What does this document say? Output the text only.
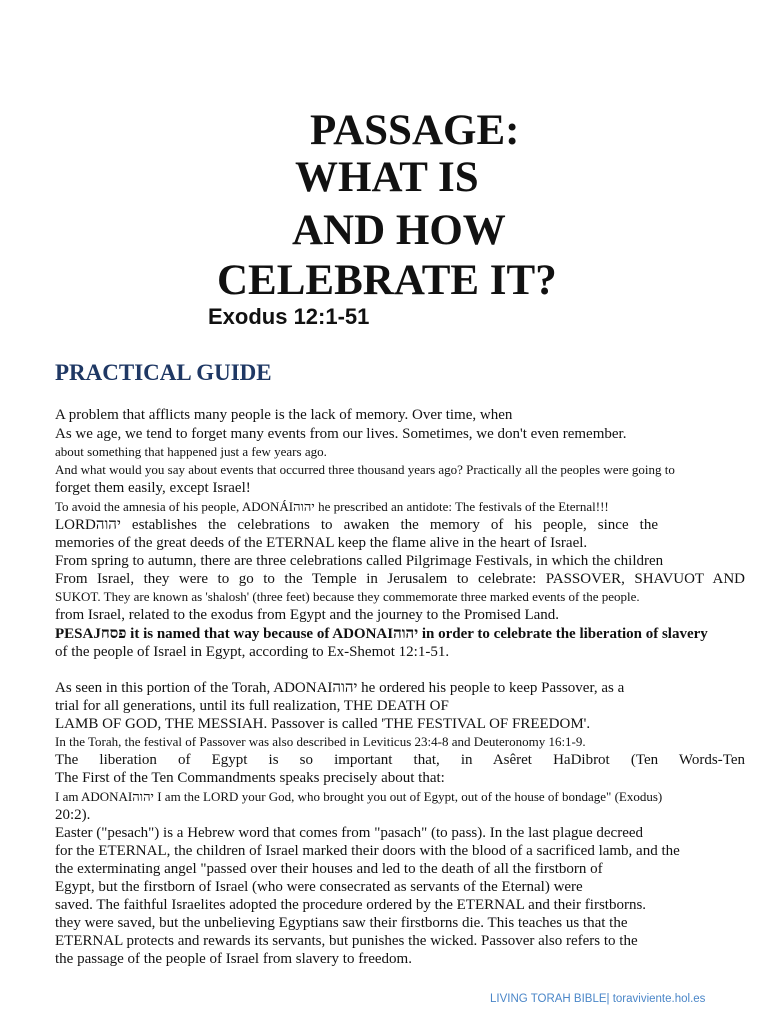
PASSAGE:
WHAT IS
AND HOW
CELEBRATE IT?
Exodus 12:1-51
PRACTICAL GUIDE
A problem that afflicts many people is the lack of memory. Over time, when
As we age, we tend to forget many events from our lives. Sometimes, we don't even remember.
about something that happened just a few years ago.
And what would you say about events that occurred three thousand years ago? Practically all the peoples were going to
forget them easily, except Israel!
To avoid the amnesia of his people, ADONÁIיהוה he prescribed an antidote: The festivals of the Eternal!!!
LORDיהוה establishes the celebrations to awaken the memory of his people, since the
memories of the great deeds of the ETERNAL keep the flame alive in the heart of Israel.
From spring to autumn, there are three celebrations called Pilgrimage Festivals, in which the children
From Israel, they were to go to the Temple in Jerusalem to celebrate: PASSOVER, SHAVUOT AND
SUKOT. They are known as 'shalosh' (three feet) because they commemorate three marked events of the people.
from Israel, related to the exodus from Egypt and the journey to the Promised Land.
PESAJפסח it is named that way because of ADONAIיהוה in order to celebrate the liberation of slavery
of the people of Israel in Egypt, according to Ex-Shemot 12:1-51.
As seen in this portion of the Torah, ADONAIיהוה he ordered his people to keep Passover, as a
trial for all generations, until its full realization, THE DEATH OF
LAMB OF GOD, THE MESSIAH. Passover is called 'THE FESTIVAL OF FREEDOM'.
In the Torah, the festival of Passover was also described in Leviticus 23:4-8 and Deuteronomy 16:1-9.
The liberation of Egypt is so important that, in Asêret HaDibrot (Ten Words-Ten
The First of the Ten Commandments speaks precisely about that:
I am ADONAIיהוה I am the LORD your God, who brought you out of Egypt, out of the house of bondage" (Exodus)
20:2).
Easter ("pesach") is a Hebrew word that comes from "pasach" (to pass). In the last plague decreed
for the ETERNAL, the children of Israel marked their doors with the blood of a sacrificed lamb, and the
the exterminating angel "passed over their houses and led to the death of all the firstborn of
Egypt, but the firstborn of Israel (who were consecrated as servants of the Eternal) were
saved. The faithful Israelites adopted the procedure ordered by the ETERNAL and their firstborns.
they were saved, but the unbelieving Egyptians saw their firstborns die. This teaches us that the
ETERNAL protects and rewards its servants, but punishes the wicked. Passover also refers to the
the passage of the people of Israel from slavery to freedom.
LIVING TORAH BIBLE| toraviviente.hol.es
